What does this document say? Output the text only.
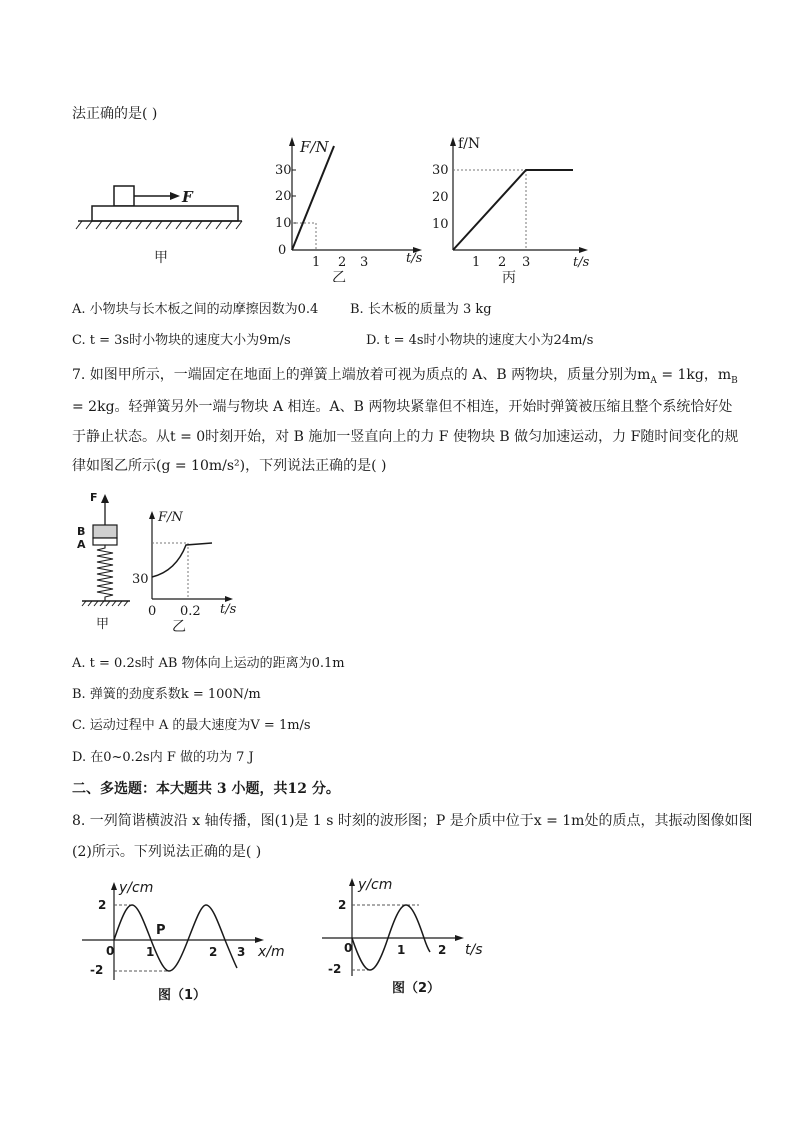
法正确的是( )
F
甲
F/N
30
20
10
0
1 2 3	t/s
乙
f/N
30
20
10
1 2 3	t/s
丙
A. 小物块与长木板之间的动摩擦因数为0.4 B. 长木板的质量为 3 kg
C. t = 3s时小物块的速度大小为9m/s	D. t = 4s时小物块的速度大小为24m/s
7. 如图甲所示，一端固定在地面上的弹簧上端放着可视为质点的 A、B 两物块，质量分别为$m_A = 1kg$，$m_B$
= 2kg。轻弹簧另外一端与物块 A 相连。A、B 两物块紧靠但不相连，开始时弹簧被压缩且整个系统恰好处
于静止状态。从t = 0时刻开始，对 B 施加一竖直向上的力 F 使物块 B 做匀加速运动，力 F随时间变化的规
律如图乙所示(g = 10m/s²)，下列说法正确的是( )
F
B
A
甲
F/N
30
0 0.2 t/s
乙
A. t = 0.2s时 AB 物体向上运动的距离为0.1m
B. 弹簧的劲度系数k = 100N/m
C. 运动过程中 A 的最大速度为V = 1m/s
D. 在0~0.2s内 F 做的功为 7 J
二、多选题：本大题共 3 小题，共12 分。
8. 一列简谐横波沿 x 轴传播，图(1)是 1 s 时刻的波形图；P 是介质中位于x = 1m处的质点，其振动图像如图
(2)所示。下列说法正确的是( )
y/cm
2
-2
P
0	1	2 3 x/m
图（1）
y/cm
2
-2
0	1	2 t/s
图（2）
